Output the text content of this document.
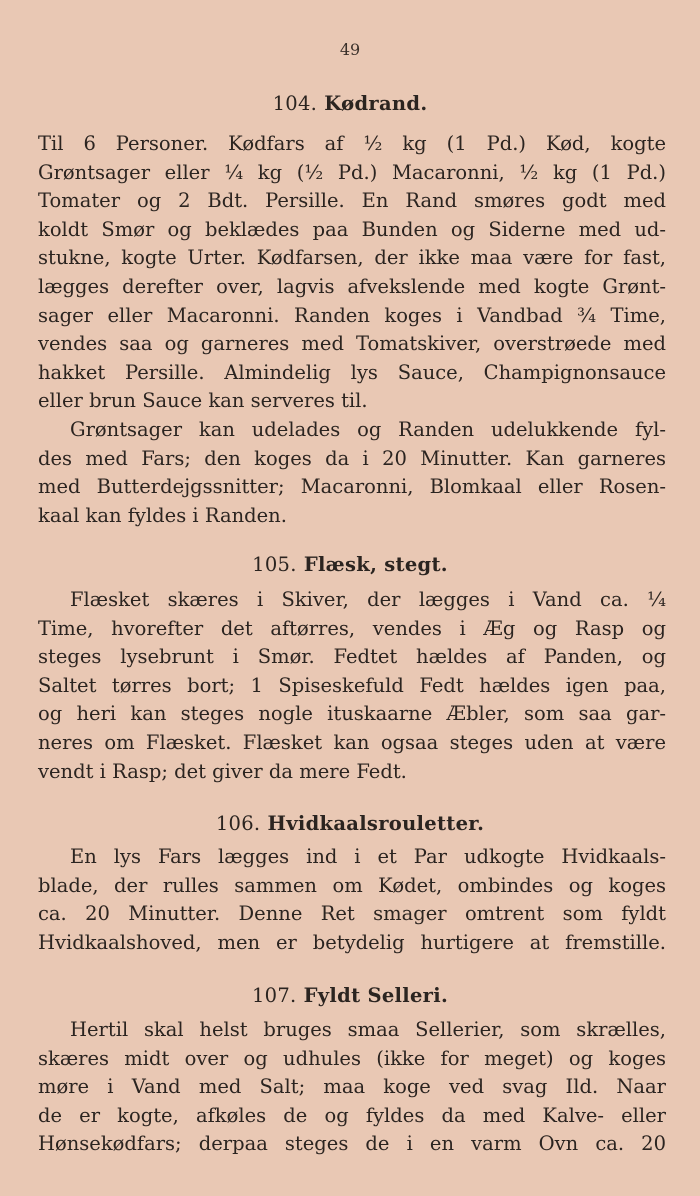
49
104. Kødrand.
Til 6 Personer. Kødfars af ½ kg (1 Pd.) Kød, kogte
Grøntsager eller ¼ kg (½ Pd.) Macaronni, ½ kg (1 Pd.)
Tomater og 2 Bdt. Persille. En Rand smøres godt med
koldt Smør og beklædes paa Bunden og Siderne med ud-
stukne, kogte Urter. Kødfarsen, der ikke maa være for fast,
lægges derefter over, lagvis afvekslende med kogte Grønt-
sager eller Macaronni. Randen koges i Vandbad ¾ Time,
vendes saa og garneres med Tomatskiver, overstrøede med
hakket Persille. Almindelig lys Sauce, Champignonsauce
eller brun Sauce kan serveres til.
Grøntsager kan udelades og Randen udelukkende fyl-
des med Fars; den koges da i 20 Minutter. Kan garneres
med Butterdejgssnitter; Macaronni, Blomkaal eller Rosen-
kaal kan fyldes i Randen.
105. Flæsk, stegt.
Flæsket skæres i Skiver, der lægges i Vand ca. ¼
Time, hvorefter det aftørres, vendes i Æg og Rasp og
steges lysebrunt i Smør. Fedtet hældes af Panden, og
Saltet tørres bort; 1 Spiseskefuld Fedt hældes igen paa,
og heri kan steges nogle ituskaarne Æbler, som saa gar-
neres om Flæsket. Flæsket kan ogsaa steges uden at være
vendt i Rasp; det giver da mere Fedt.
106. Hvidkaalsrouletter.
En lys Fars lægges ind i et Par udkogte Hvidkaals-
blade, der rulles sammen om Kødet, ombindes og koges
ca. 20 Minutter. Denne Ret smager omtrent som fyldt
Hvidkaalshoved, men er betydelig hurtigere at fremstille.
107. Fyldt Selleri.
Hertil skal helst bruges smaa Sellerier, som skrælles,
skæres midt over og udhules (ikke for meget) og koges
møre i Vand med Salt; maa koge ved svag Ild. Naar
de er kogte, afkøles de og fyldes da med Kalve- eller
Hønsekødfars; derpaa steges de i en varm Ovn ca. 20
